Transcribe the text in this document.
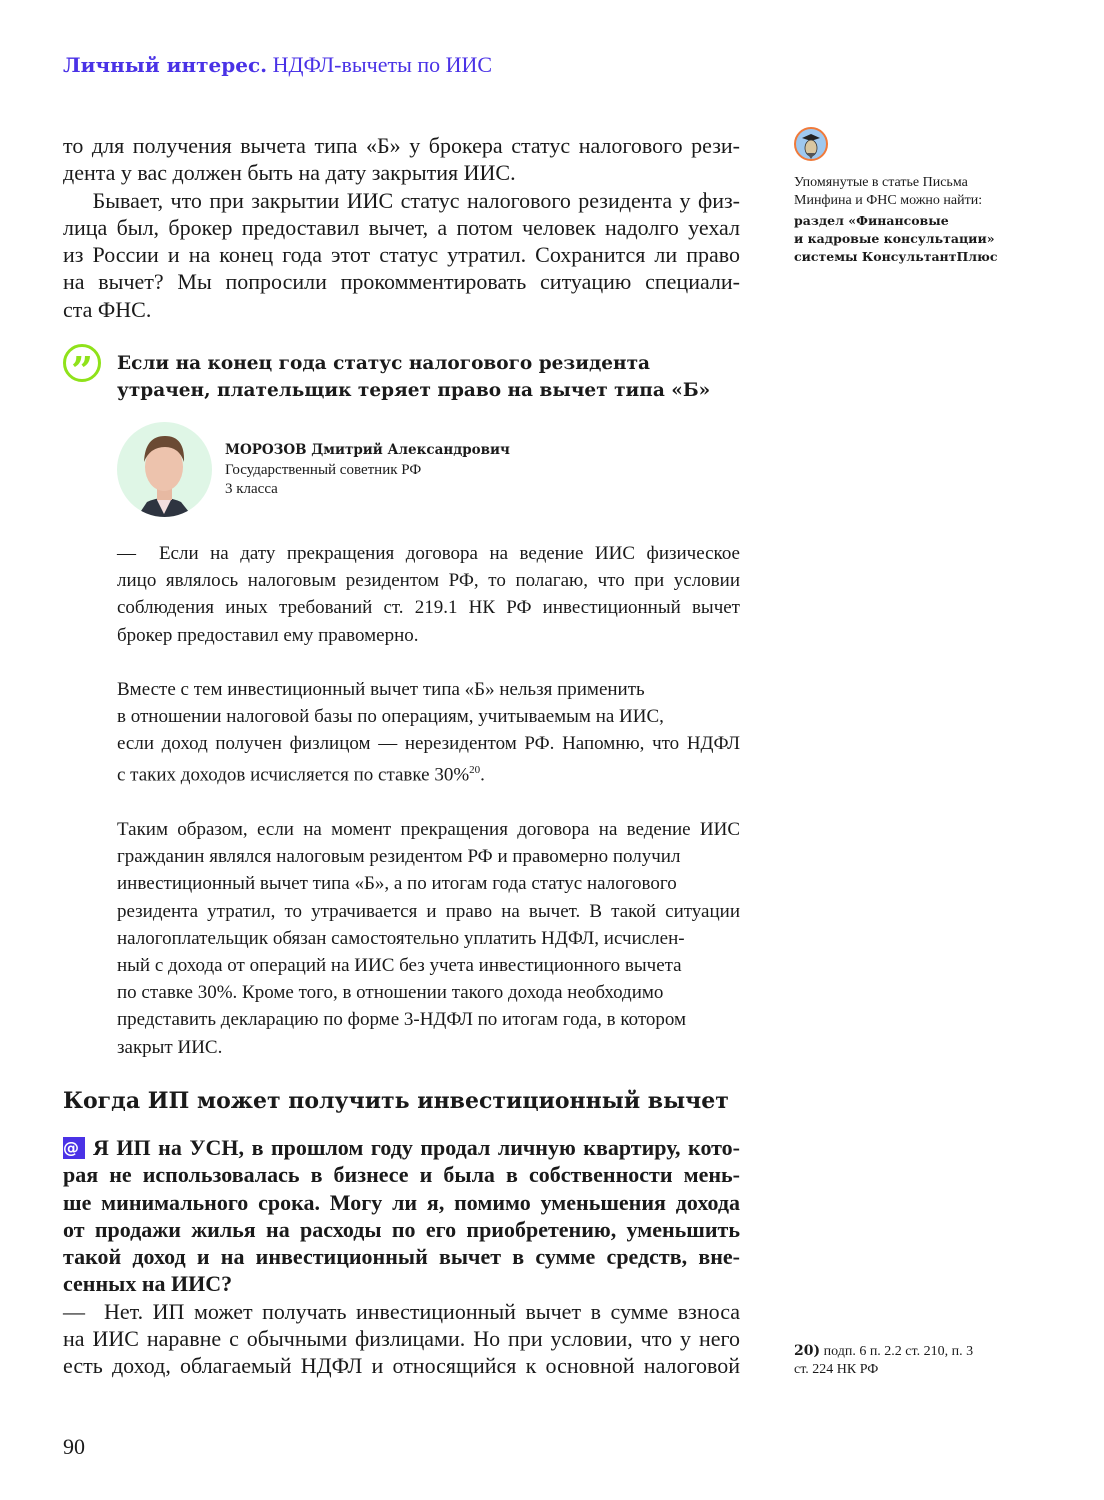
Личный интерес. НДФЛ-вычеты по ИИС
то для получения вычета типа «Б» у брокера статус налогового рези-
дента у вас должен быть на дату закрытия ИИС.
Бывает, что при закрытии ИИС статус налогового резидента у физ-
лица был, брокер предоставил вычет, а потом человек надолго уехал
из России и на конец года этот статус утратил. Сохранится ли право
на вычет? Мы попросили прокомментировать ситуацию специали-
ста ФНС.
”	Если на конец года статус налогового резидента
утрачен, плательщик теряет право на вычет типа «Б»
МОРОЗОВ Дмитрий Александрович
Государственный советник РФ
3 класса
—  Если на дату прекращения договора на ведение ИИС физическое
лицо являлось налоговым резидентом РФ, то полагаю, что при условии
соблюдения иных требований ст. 219.1 НК РФ инвестиционный вычет
брокер предоставил ему правомерно.
Вместе с тем инвестиционный вычет типа «Б» нельзя применить
в отношении налоговой базы по операциям, учитываемым на ИИС,
если доход получен физлицом — нерезидентом РФ. Напомню, что НДФЛ
с таких доходов исчисляется по ставке 30%$^{20}$.
Таким образом, если на момент прекращения договора на ведение ИИС
гражданин являлся налоговым резидентом РФ и правомерно получил
инвестиционный вычет типа «Б», а по итогам года статус налогового
резидента утратил, то утрачивается и право на вычет. В такой ситуации
налогоплательщик обязан самостоятельно уплатить НДФЛ, исчислен-
ный с дохода от операций на ИИС без учета инвестиционного вычета
по ставке 30%. Кроме того, в отношении такого дохода необходимо
представить декларацию по форме 3-НДФЛ по итогам года, в котором
закрыт ИИС.
Когда ИП может получить инвестиционный вычет
@ Я ИП на УСН, в прошлом году продал личную квартиру, кото-
рая не использовалась в бизнесе и была в собственности мень-
ше минимального срока. Могу ли я, помимо уменьшения дохода
от продажи жилья на расходы по его приобретению, уменьшить
такой доход и на инвестиционный вычет в сумме средств, вне-
сенных на ИИС?
—  Нет. ИП может получать инвестиционный вычет в сумме взноса
на ИИС наравне с обычными физлицами. Но при условии, что у него
есть доход, облагаемый НДФЛ и относящийся к основной налоговой
Упомянутые в статье Письма
Минфина и ФНС можно найти:
раздел «Финансовые
и кадровые консультации»
системы КонсультантПлюс
20) подп. 6 п. 2.2 ст. 210, п. 3
ст. 224 НК РФ
90
